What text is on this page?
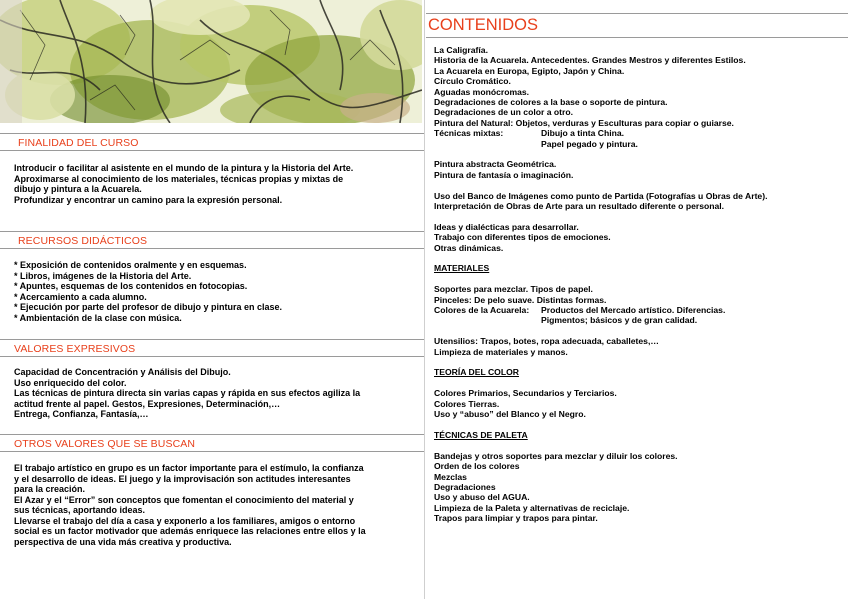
FINALIDAD DEL CURSO
Introducir o facilitar al asistente en el mundo de la pintura y la Historia del Arte.
Aproximarse al conocimiento de los materiales, técnicas propias y mixtas de
dibujo y pintura a la Acuarela.
Profundizar y encontrar un camino para la expresión personal.
RECURSOS DIDÁCTICOS
* Exposición de contenidos oralmente y en esquemas.
* Libros, imágenes de la Historia del Arte.
* Apuntes, esquemas de los contenidos en fotocopias.
* Acercamiento a cada alumno.
* Ejecución por parte del profesor de dibujo y pintura en clase.
* Ambientación de la clase con música.
VALORES EXPRESIVOS
Capacidad de Concentración y Análisis del Dibujo.
Uso enriquecido del color.
Las técnicas de pintura directa sin varias capas y rápida en sus efectos agiliza la
actitud frente al papel. Gestos, Expresiones, Determinación,…
Entrega, Confianza, Fantasía,…
OTROS VALORES QUE SE BUSCAN
El trabajo artístico en grupo es un factor importante para el estímulo, la confianza
y el desarrollo de ideas. El juego y la improvisación son actitudes interesantes
para la creación.
El Azar y el “Error” son conceptos que fomentan el conocimiento del material y
sus técnicas, aportando ideas.
Llevarse el trabajo del día a casa y exponerlo a los familiares, amigos o entorno
social es un factor motivador que además enriquece las relaciones entre ellos y la
perspectiva de una vida más creativa y productiva.
CONTENIDOS
La Caligrafía.
Historia de la Acuarela. Antecedentes. Grandes Mestros y diferentes Estilos.
La Acuarela en Europa, Egipto, Japón y China.
Círculo Cromático.
Aguadas monócromas.
Degradaciones de colores a la base o soporte de pintura.
Degradaciones de un color a otro.
Pintura del Natural: Objetos, verduras y Esculturas para copiar o guiarse.
Técnicas mixtas:	Dibujo a tinta China.
Papel pegado y pintura.
Pintura abstracta Geométrica.
Pintura de fantasía o imaginación.
Uso del Banco de Imágenes como punto de Partida (Fotografías u Obras de Arte).
Interpretación de Obras de Arte para un resultado diferente o personal.
Ideas y dialécticas para desarrollar.
Trabajo con diferentes tipos de emociones.
Otras dinámicas.
MATERIALES
Soportes para mezclar. Tipos de papel.
Pinceles: De pelo suave. Distintas formas.
Colores de la Acuarela: Productos del Mercado artístico. Diferencias.
Pigmentos; básicos y de gran calidad.
Utensilios: Trapos, botes, ropa adecuada, caballetes,…
Limpieza de materiales y manos.
TEORÍA DEL COLOR
Colores Primarios, Secundarios y Terciarios.
Colores Tierras.
Uso y “abuso” del Blanco y el Negro.
TÉCNICAS DE PALETA
Bandejas y otros soportes para mezclar y diluir los colores.
Orden de los colores
Mezclas
Degradaciones
Uso y abuso del AGUA.
Limpieza de la Paleta y alternativas de reciclaje.
Trapos para limpiar y trapos para pintar.
